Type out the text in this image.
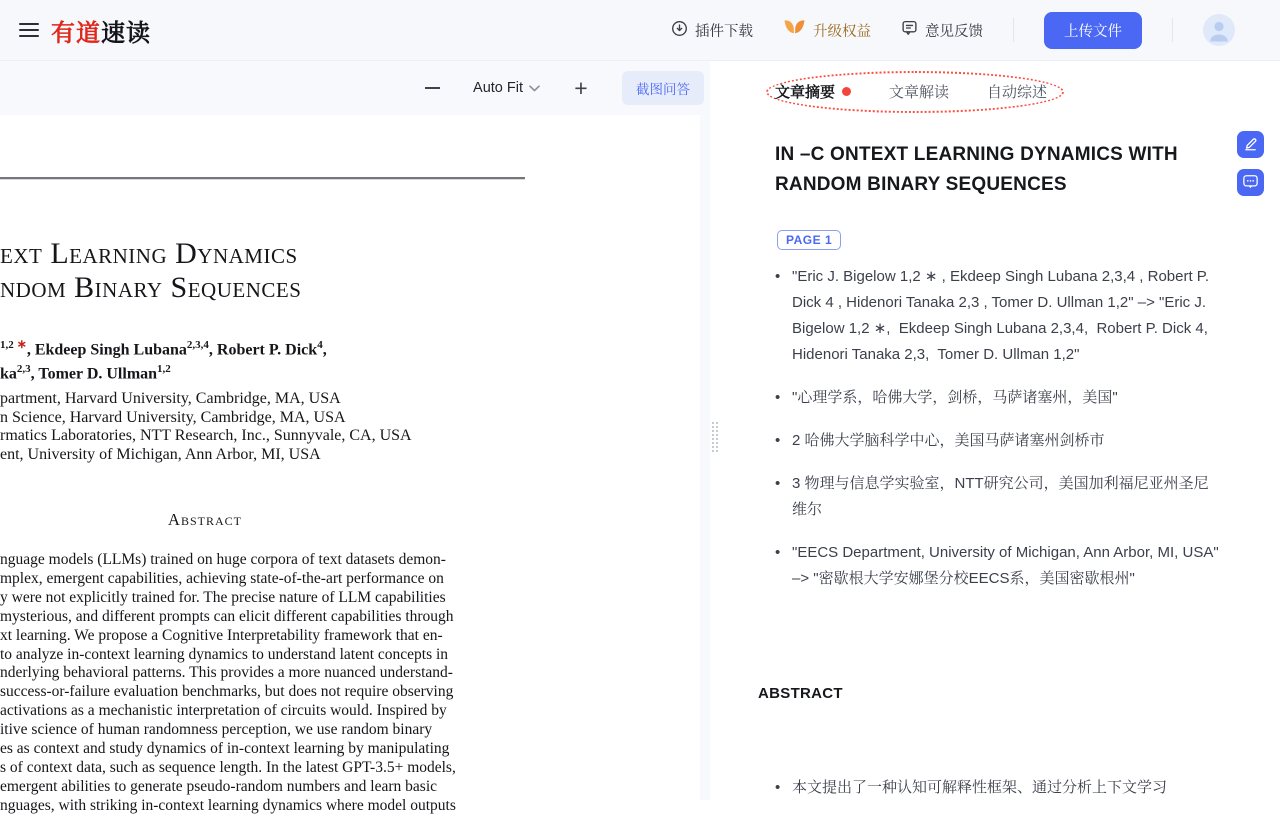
有道 速读	插件下载	升级权益	意见反馈	上传文件
Auto Fit +	截图问答
ext Learning Dynamics
ndom Binary Sequences
$^{1,2}$ ∗, Ekdeep Singh Lubana$^{2,3,4}$, Robert P. Dick$^4$,
ka$^{2,3}$, Tomer D. Ullman$^{1,2}$
partment, Harvard University, Cambridge, MA, USA
n Science, Harvard University, Cambridge, MA, USA
rmatics Laboratories, NTT Research, Inc., Sunnyvale, CA, USA
ent, University of Michigan, Ann Arbor, MI, USA
Abstract
nguage models (LLMs) trained on huge corpora of text datasets demon-
mplex, emergent capabilities, achieving state-of-the-art performance on
y were not explicitly trained for. The precise nature of LLM capabilities
mysterious, and different prompts can elicit different capabilities through
xt learning. We propose a Cognitive Interpretability framework that en-
to analyze in-context learning dynamics to understand latent concepts in
nderlying behavioral patterns. This provides a more nuanced understand-
success-or-failure evaluation benchmarks, but does not require observing
activations as a mechanistic interpretation of circuits would. Inspired by
itive science of human randomness perception, we use random binary
es as context and study dynamics of in-context learning by manipulating
s of context data, such as sequence length. In the latest GPT-3.5+ models,
emergent abilities to generate pseudo-random numbers and learn basic
nguages, with striking in-context learning dynamics where model outputs
文章摘要	文章解读	自动综述
IN –C ONTEXT LEARNING DYNAMICS WITH RANDOM BINARY SEQUENCES
PAGE 1
• "Eric J. Bigelow 1,2 ∗ , Ekdeep Singh Lubana 2,3,4 , Robert P. Dick 4 , Hidenori Tanaka 2,3 , Tomer D. Ullman 1,2" –> "Eric J. Bigelow 1,2 ∗,  Ekdeep Singh Lubana 2,3,4,  Robert P. Dick 4,  Hidenori Tanaka 2,3,  Tomer D. Ullman 1,2"
• "心理学系，哈佛大学，剑桥，马萨诸塞州，美国"
• 2 哈佛大学脑科学中心，美国马萨诸塞州剑桥市
• 3 物理与信息学实验室，NTT研究公司，美国加利福尼亚州圣尼维尔
• "EECS Department, University of Michigan, Ann Arbor, MI, USA" –> "密歇根大学安娜堡分校EECS系，美国密歇根州"

ABSTRACT

• 本文提出了一种认知可解释性框架、通过分析上下文学习
